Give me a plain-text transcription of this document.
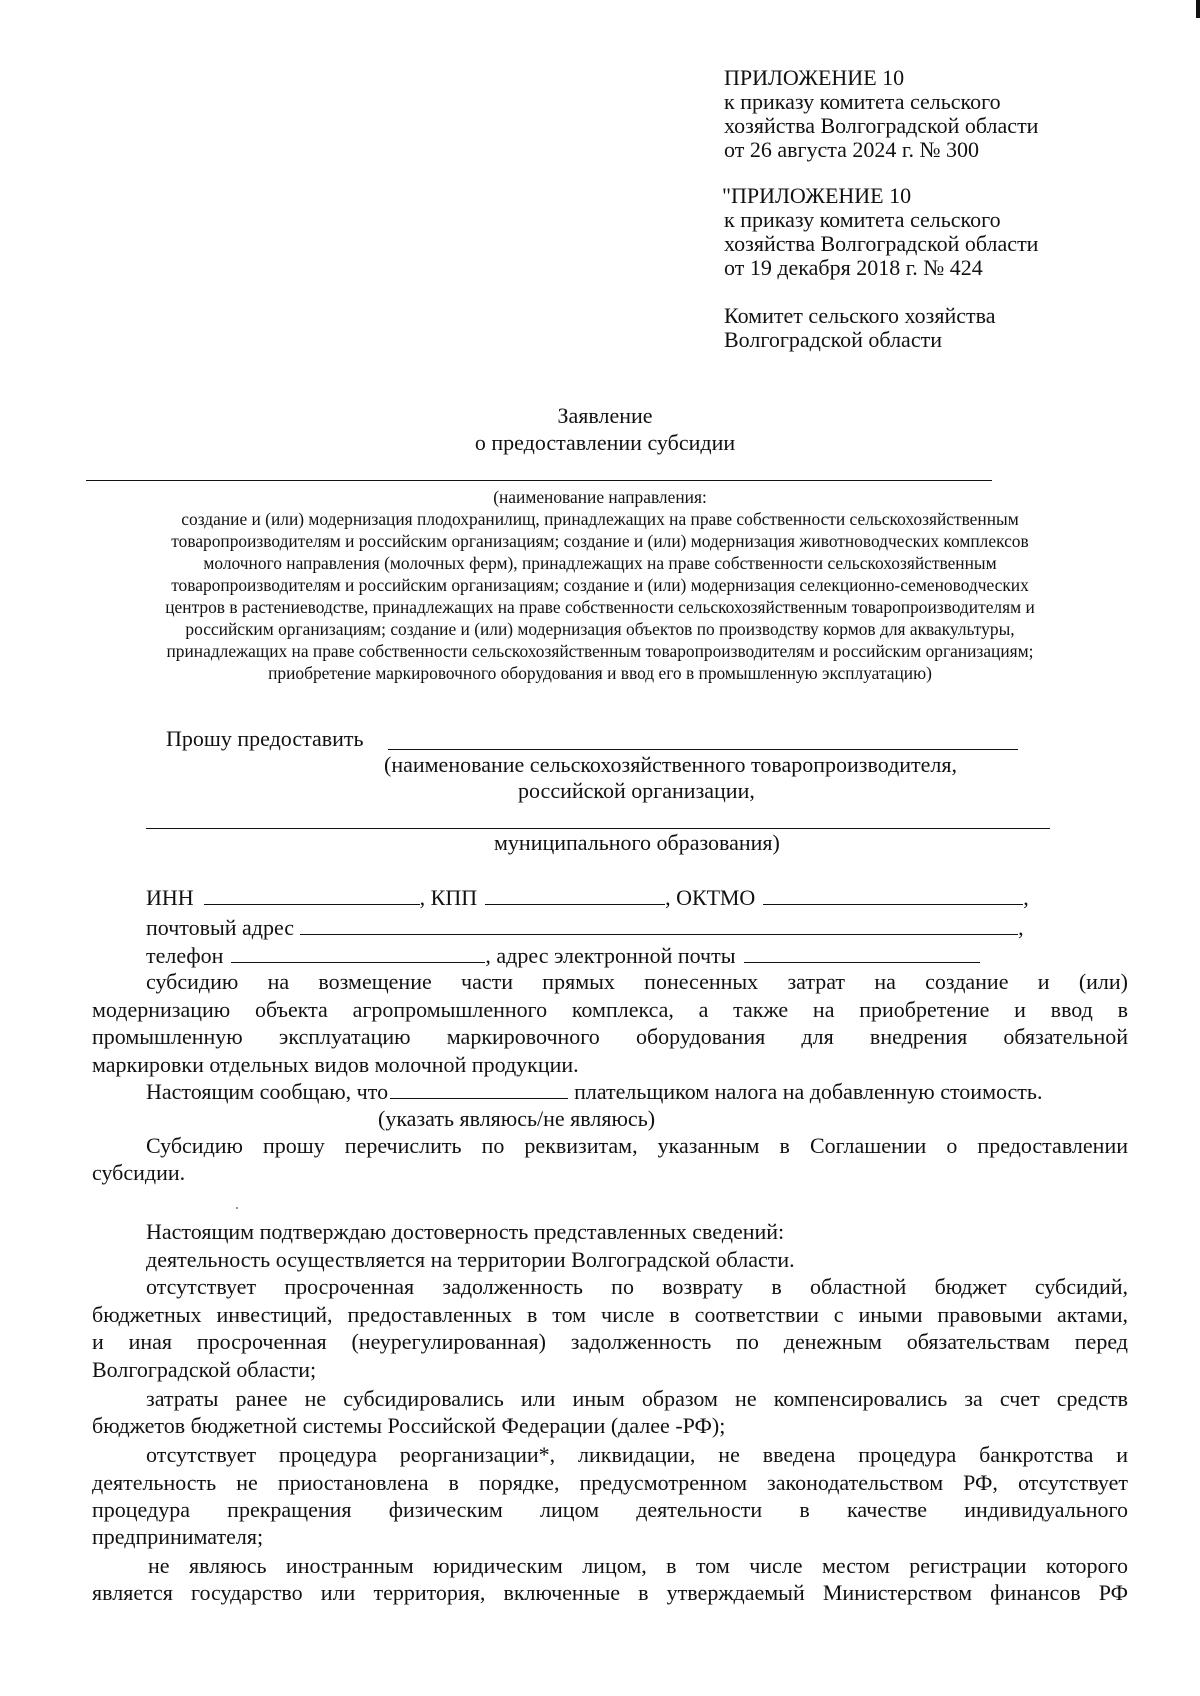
ПРИЛОЖЕНИЕ 10

к приказу комитета сельского

хозяйства Волгоградской области

от 26 августа 2024 г. № 300

"ПРИЛОЖЕНИЕ 10

к приказу комитета сельского

хозяйства Волгоградской области

от 19 декабря 2018 г. № 424

Комитет сельского хозяйства

Волгоградской области

Заявление

о предоставлении субсидии

(наименование направления:

создание и (или) модернизация плодохранилищ, принадлежащих на праве собственности сельскохозяйственным

товаропроизводителям и российским организациям; создание и (или) модернизация животноводческих комплексов

молочного направления (молочных ферм), принадлежащих на праве собственности сельскохозяйственным

товаропроизводителям и российским организациям; создание и (или) модернизация селекционно-семеноводческих

центров в растениеводстве, принадлежащих на праве собственности сельскохозяйственным товаропроизводителям и

российским организациям; создание и (или) модернизация объектов по производству кормов для аквакультуры,

принадлежащих на праве собственности сельскохозяйственным товаропроизводителям и российским организациям;

приобретение маркировочного оборудования и ввод его в промышленную эксплуатацию)

Прошу предоставить

(наименование сельскохозяйственного товаропроизводителя,

российской организации,

муниципального образования)

ИНН	, КПП	, ОКТМО	,
почтовый адрес	,
телефон	, адрес электронной почты

субсидию на возмещение части прямых понесенных затрат на создание и (или)

модернизацию объекта агропромышленного комплекса, а также на приобретение и ввод в

промышленную эксплуатацию маркировочного оборудования для внедрения обязательной

маркировки отдельных видов молочной продукции.

Настоящим сообщаю, что	плательщиком налога на добавленную стоимость.

(указать являюсь/не являюсь)

Субсидию прошу перечислить по реквизитам, указанным в Соглашении о предоставлении

субсидии.

Настоящим подтверждаю достоверность представленных сведений:

деятельность осуществляется на территории Волгоградской области.

отсутствует просроченная задолженность по возврату в областной бюджет субсидий,

бюджетных инвестиций, предоставленных в том числе в соответствии с иными правовыми актами,

и иная просроченная (неурегулированная) задолженность по денежным обязательствам перед

Волгоградской области;

затраты ранее не субсидировались или иным образом не компенсировались за счет средств

бюджетов бюджетной системы Российской Федерации (далее -РФ);

отсутствует процедура реорганизации*, ликвидации, не введена процедура банкротства и

деятельность не приостановлена в порядке, предусмотренном законодательством РФ, отсутствует

процедура прекращения физическим лицом деятельности в качестве индивидуального

предпринимателя;

не являюсь иностранным юридическим лицом, в том числе местом регистрации которого

является государство или территория, включенные в утверждаемый Министерством финансов РФ
